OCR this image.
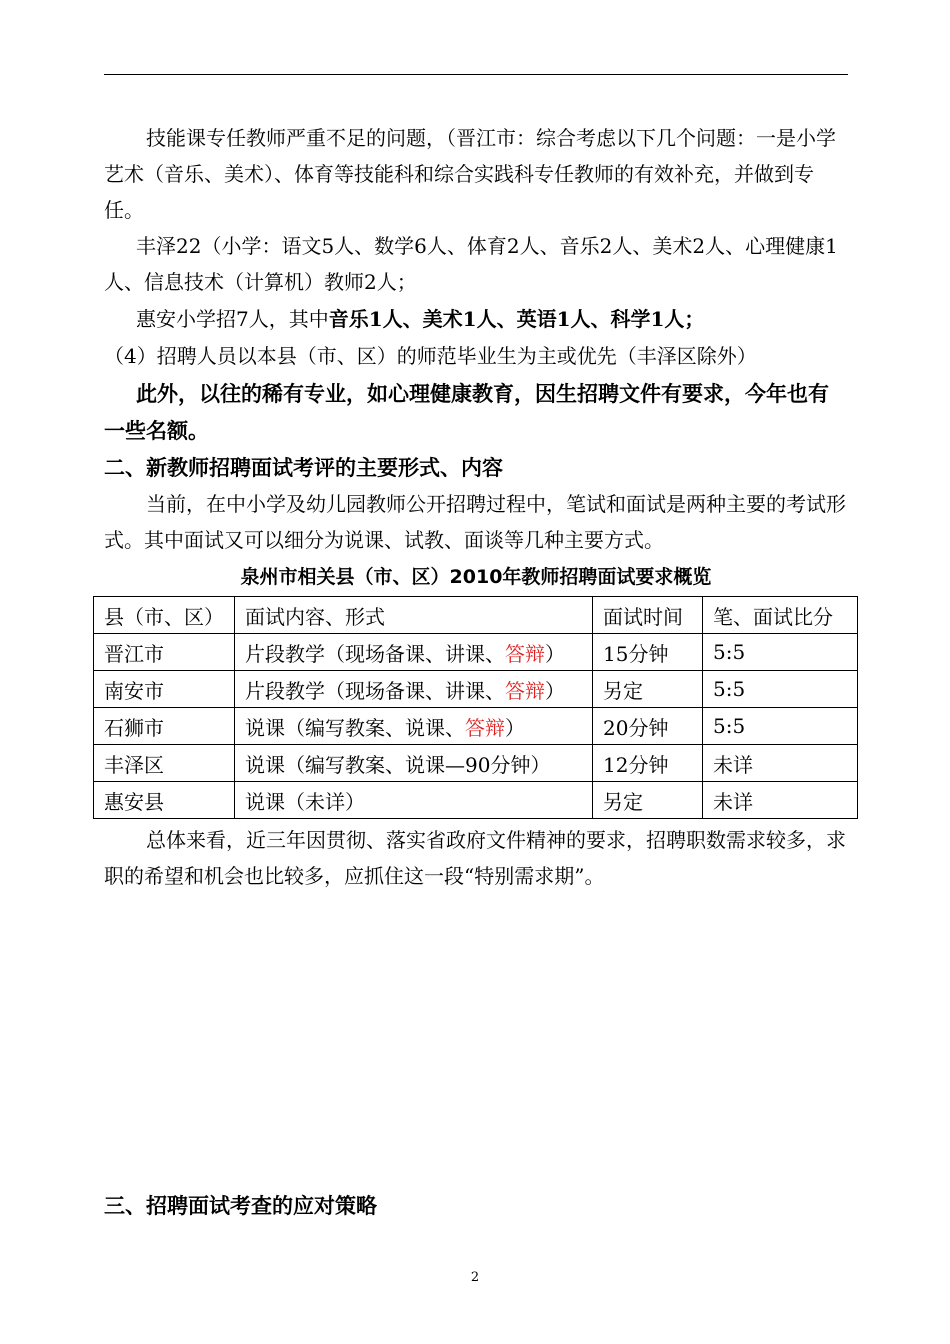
技能课专任教师严重不足的问题，（晋江市：综合考虑以下几个问题：一是小学艺术（音乐、美术）、体育等技能科和综合实践科专任教师的有效补充，并做到专任。

丰泽22（小学：语文5人、数学6人、体育2人、音乐2人、美术2人、心理健康1人、信息技术（计算机）教师2人；

惠安小学招7人，其中音乐1人、美术1人、英语1人、科学1人；

（4）招聘人员以本县（市、区）的师范毕业生为主或优先（丰泽区除外）

此外，以往的稀有专业，如心理健康教育，因生招聘文件有要求，今年也有一些名额。

二、新教师招聘面试考评的主要形式、内容

当前，在中小学及幼儿园教师公开招聘过程中，笔试和面试是两种主要的考试形式。其中面试又可以细分为说课、试教、面谈等几种主要方式。

泉州市相关县（市、区）2010年教师招聘面试要求概览
县（市、区）	面试内容、形式	面试时间	笔、面试比分
晋江市	片段教学（现场备课、讲课、答辩）	15分钟	5:5
南安市	片段教学（现场备课、讲课、答辩）	另定	5:5
石狮市	说课（编写教案、说课、答辩）	20分钟	5:5
丰泽区	说课（编写教案、说课—90分钟）	12分钟	未详
惠安县	说课（未详）	另定	未详

总体来看，近三年因贯彻、落实省政府文件精神的要求，招聘职数需求较多，求职的希望和机会也比较多，应抓住这一段“特别需求期”。

三、招聘面试考查的应对策略
2
